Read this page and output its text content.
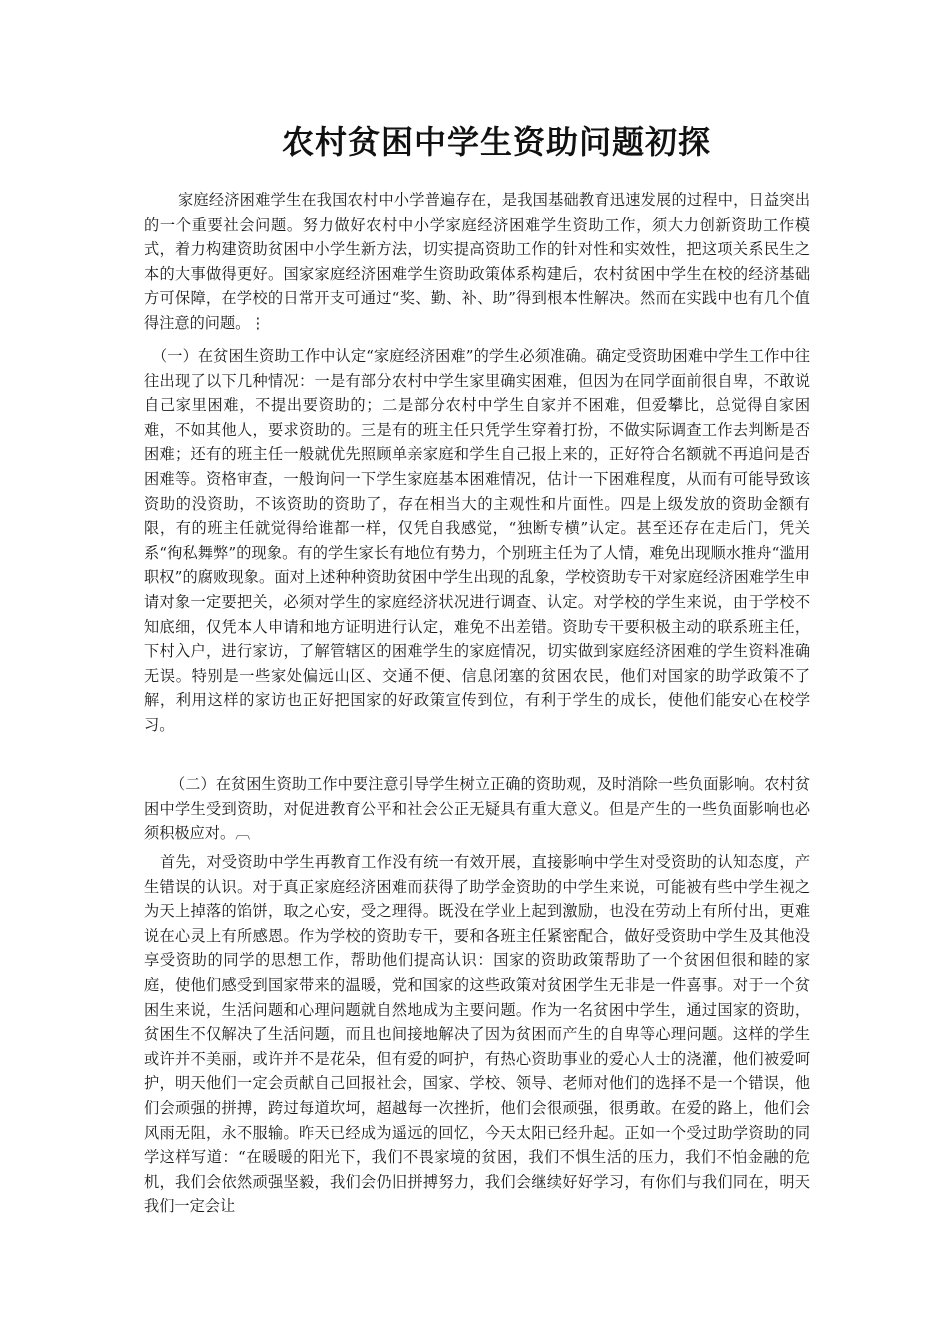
农村贫困中学生资助问题初探

家庭经济困难学生在我国农村中小学普遍存在，是我国基础教育迅速发展的过程中，日益突出的一个重要社会问题。努力做好农村中小学家庭经济困难学生资助工作，须大力创新资助工作模式，着力构建资助贫困中小学生新方法，切实提高资助工作的针对性和实效性，把这项关系民生之本的大事做得更好。国家家庭经济困难学生资助政策体系构建后，农村贫困中学生在校的经济基础方可保障，在学校的日常开支可通过“奖、勤、补、助”得到根本性解决。然而在实践中也有几个值得注意的问题。⋮

（一）在贫困生资助工作中认定“家庭经济困难”的学生必须准确。确定受资助困难中学生工作中往往出现了以下几种情况：一是有部分农村中学生家里确实困难，但因为在同学面前很自卑，不敢说自己家里困难，不提出要资助的；二是部分农村中学生自家并不困难，但爱攀比，总觉得自家困难，不如其他人，要求资助的。三是有的班主任只凭学生穿着打扮，不做实际调查工作去判断是否困难；还有的班主任一般就优先照顾单亲家庭和学生自己报上来的，正好符合名额就不再追问是否困难等。资格审查，一般询问一下学生家庭基本困难情况，估计一下困难程度，从而有可能导致该资助的没资助，不该资助的资助了，存在相当大的主观性和片面性。四是上级发放的资助金额有限，有的班主任就觉得给谁都一样，仅凭自我感觉，“独断专横”认定。甚至还存在走后门，凭关系“徇私舞弊”的现象。有的学生家长有地位有势力，个别班主任为了人情，难免出现顺水推舟“滥用职权”的腐败现象。面对上述种种资助贫困中学生出现的乱象，学校资助专干对家庭经济困难学生申请对象一定要把关，必须对学生的家庭经济状况进行调查、认定。对学校的学生来说，由于学校不知底细，仅凭本人申请和地方证明进行认定，难免不出差错。资助专干要积极主动的联系班主任，下村入户，进行家访，了解管辖区的困难学生的家庭情况，切实做到家庭经济困难的学生资料准确无误。特别是一些家处偏远山区、交通不便、信息闭塞的贫困农民，他们对国家的助学政策不了解，利用这样的家访也正好把国家的好政策宣传到位，有利于学生的成长，使他们能安心在校学习。

（二）在贫困生资助工作中要注意引导学生树立正确的资助观，及时消除一些负面影响。农村贫困中学生受到资助，对促进教育公平和社会公正无疑具有重大意义。但是产生的一些负面影响也必须积极应对。︹

首先，对受资助中学生再教育工作没有统一有效开展，直接影响中学生对受资助的认知态度，产生错误的认识。对于真正家庭经济困难而获得了助学金资助的中学生来说，可能被有些中学生视之为天上掉落的馅饼，取之心安，受之理得。既没在学业上起到激励，也没在劳动上有所付出，更难说在心灵上有所感恩。作为学校的资助专干，要和各班主任紧密配合，做好受资助中学生及其他没享受资助的同学的思想工作，帮助他们提高认识：国家的资助政策帮助了一个贫困但很和睦的家庭，使他们感受到国家带来的温暖，党和国家的这些政策对贫困学生无非是一件喜事。对于一个贫困生来说，生活问题和心理问题就自然地成为主要问题。作为一名贫困中学生，通过国家的资助，贫困生不仅解决了生活问题，而且也间接地解决了因为贫困而产生的自卑等心理问题。这样的学生或许并不美丽，或许并不是花朵，但有爱的呵护，有热心资助事业的爱心人士的浇灌，他们被爱呵护，明天他们一定会贡献自己回报社会，国家、学校、领导、老师对他们的选择不是一个错误，他们会顽强的拼搏，跨过每道坎坷，超越每一次挫折，他们会很顽强，很勇敢。在爱的路上，他们会风雨无阻，永不服输。昨天已经成为遥远的回忆，今天太阳已经升起。正如一个受过助学资助的同学这样写道：“在暖暖的阳光下，我们不畏家境的贫困，我们不惧生活的压力，我们不怕金融的危机，我们会依然顽强坚毅，我们会仍旧拼搏努力，我们会继续好好学习，有你们与我们同在，明天我们一定会让
